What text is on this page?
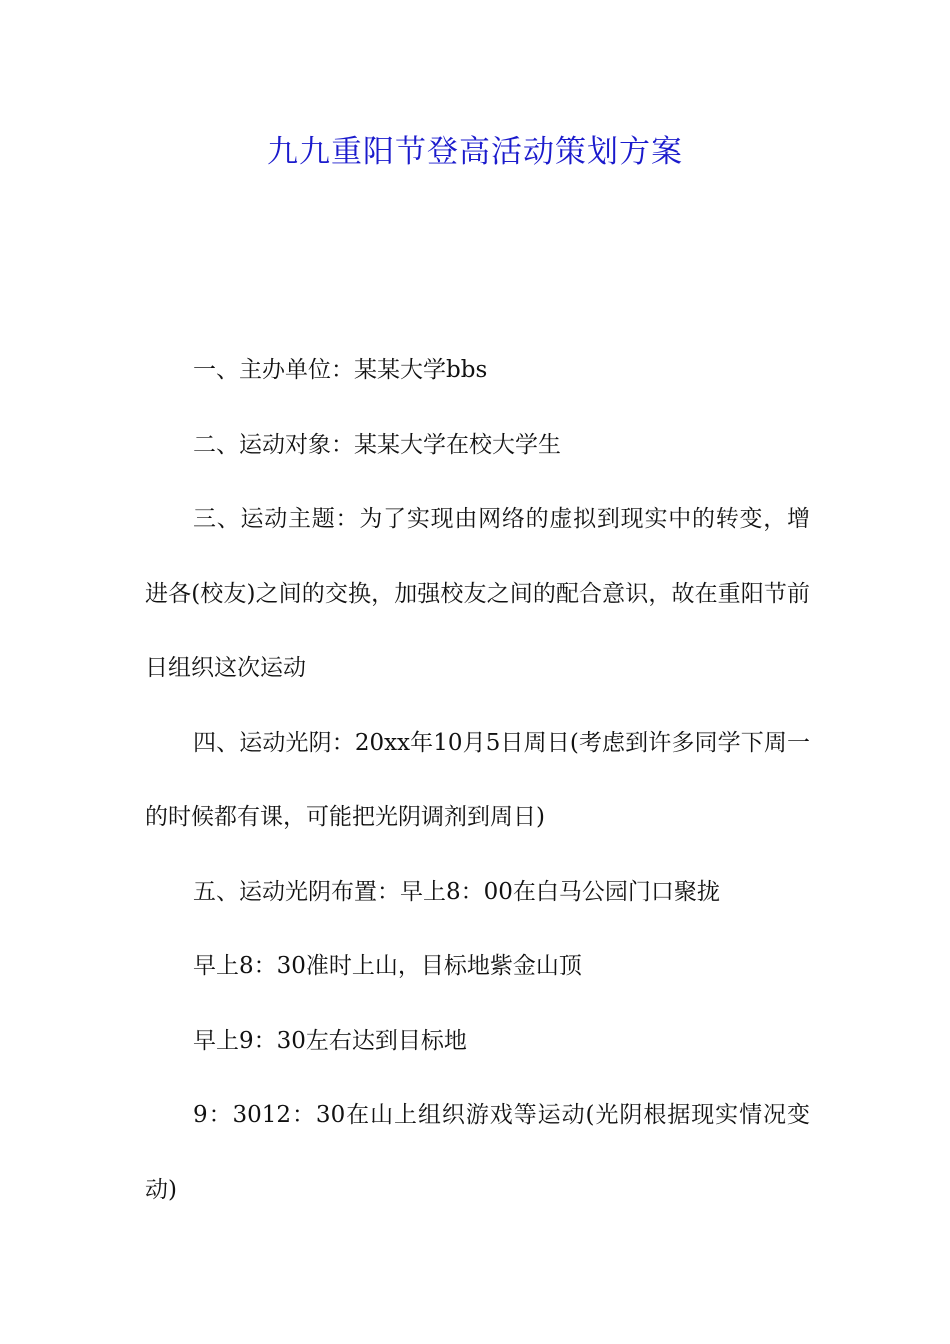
九九重阳节登高活动策划方案

一、主办单位：某某大学bbs

二、运动对象：某某大学在校大学生

三、运动主题：为了实现由网络的虚拟到现实中的转变，增进各(校友)之间的交换，加强校友之间的配合意识，故在重阳节前日组织这次运动

四、运动光阴：20xx年10月5日周日(考虑到许多同学下周一的时候都有课，可能把光阴调剂到周日)

五、运动光阴布置：早上8：00在白马公园门口聚拢

早上8：30准时上山，目标地紫金山顶

早上9：30左右达到目标地

9：3012：30在山上组织游戏等运动(光阴根据现实情况变动)
